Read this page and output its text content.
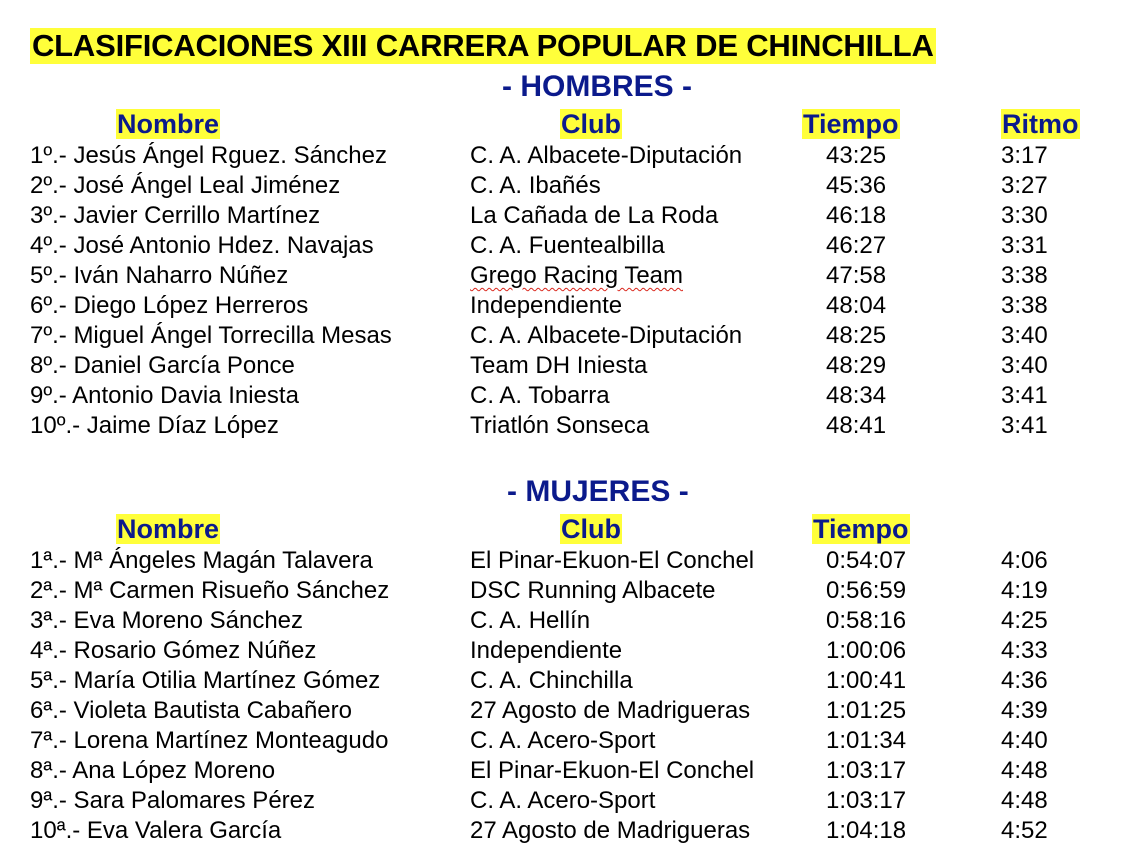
CLASIFICACIONES XIII CARRERA POPULAR DE CHINCHILLA
- HOMBRES -
Nombre	Club	Tiempo	Ritmo
1º.- Jesús Ángel Rguez. Sánchez	C. A. Albacete-Diputación	43:25	3:17
2º.- José Ángel Leal Jiménez	C. A. Ibañés	45:36	3:27
3º.- Javier Cerrillo Martínez	La Cañada de La Roda	46:18	3:30
4º.- José Antonio Hdez. Navajas	C. A. Fuentealbilla	46:27	3:31
5º.- Iván Naharro Núñez	Grego Racing Team	47:58	3:38
6º.- Diego López Herreros	Independiente	48:04	3:38
7º.- Miguel Ángel Torrecilla Mesas	C. A. Albacete-Diputación	48:25	3:40
8º.- Daniel García Ponce	Team DH Iniesta	48:29	3:40
9º.- Antonio Davia Iniesta	C. A. Tobarra	48:34	3:41
10º.- Jaime Díaz López	Triatlón Sonseca	48:41	3:41
- MUJERES -
Nombre	Club	Tiempo
1ª.- Mª Ángeles Magán Talavera	El Pinar-Ekuon-El Conchel	0:54:07	4:06
2ª.- Mª Carmen Risueño Sánchez	DSC Running Albacete	0:56:59	4:19
3ª.- Eva Moreno Sánchez	C. A. Hellín	0:58:16	4:25
4ª.- Rosario Gómez Núñez	Independiente	1:00:06	4:33
5ª.- María Otilia Martínez Gómez	C. A. Chinchilla	1:00:41	4:36
6ª.- Violeta Bautista Cabañero	27 Agosto de Madrigueras	1:01:25	4:39
7ª.- Lorena Martínez Monteagudo	C. A. Acero-Sport	1:01:34	4:40
8ª.- Ana López Moreno	El Pinar-Ekuon-El Conchel	1:03:17	4:48
9ª.- Sara Palomares Pérez	C. A. Acero-Sport	1:03:17	4:48
10ª.- Eva Valera García	27 Agosto de Madrigueras	1:04:18	4:52
